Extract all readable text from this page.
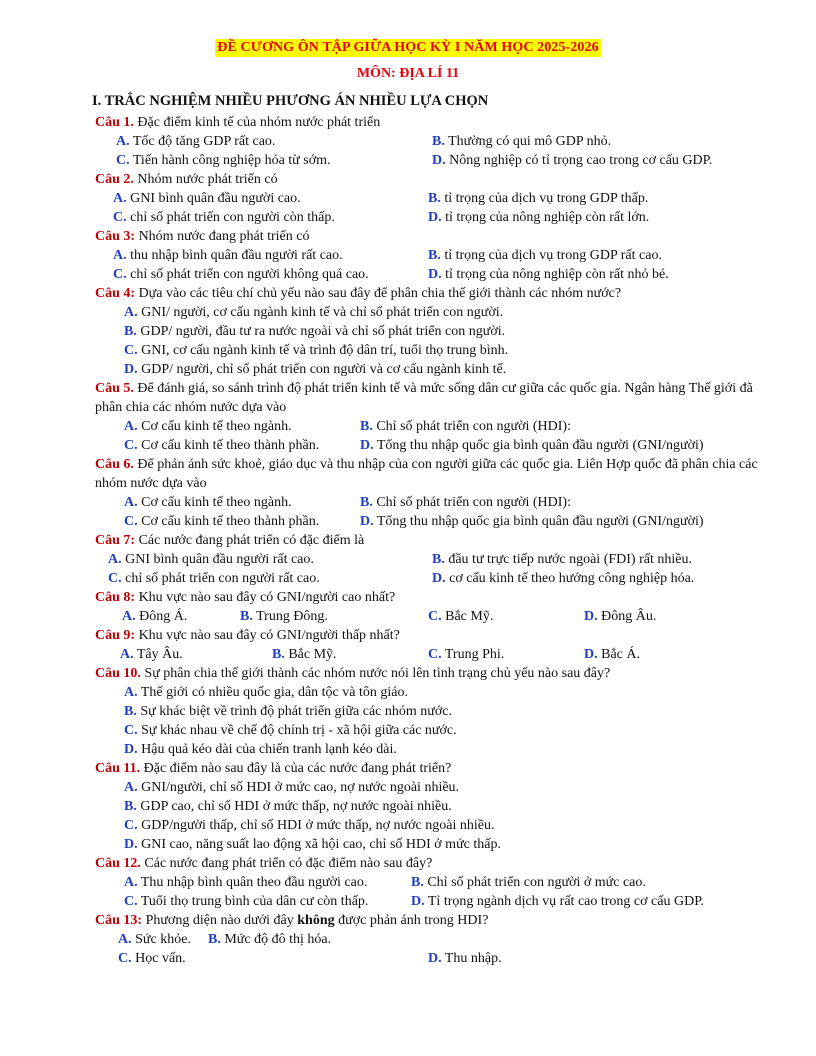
ĐỀ CƯƠNG ÔN TẬP GIỮA HỌC KỲ I NĂM HỌC 2025-2026
MÔN: ĐỊA LÍ 11
I. TRẮC NGHIỆM NHIỀU PHƯƠNG ÁN NHIỀU LỰA CHỌN
Câu 1. Đặc điểm kinh tế của nhóm nước phát triển
A. Tốc độ tăng GDP rất cao.	B. Thường có qui mô GDP nhỏ.
C. Tiến hành công nghiệp hóa từ sớm.	D. Nông nghiệp có tỉ trọng cao trong cơ cấu GDP.
Câu 2. Nhóm nước phát triển có
A. GNI bình quân đầu người cao.	B. tỉ trọng của dịch vụ trong GDP thấp.
C. chỉ số phát triển con người còn thấp.	D. tỉ trọng của nông nghiệp còn rất lớn.
Câu 3: Nhóm nước đang phát triển có
A. thu nhập bình quân đầu người rất cao.	B. tỉ trọng của dịch vụ trong GDP rất cao.
C. chỉ số phát triển con người không quá cao.	D. tỉ trọng của nông nghiệp còn rất nhỏ bé.
Câu 4: Dựa vào các tiêu chí chủ yếu nào sau đây để phân chia thế giới thành các nhóm nước?
A. GNI/ người, cơ cấu ngành kinh tế và chỉ số phát triển con người.
B. GDP/ người, đầu tư ra nước ngoài và chỉ số phát triển con người.
C. GNI, cơ cấu ngành kinh tế và trình độ dân trí, tuổi thọ trung bình.
D. GDP/ người, chỉ số phát triển con người và cơ cấu ngành kinh tế.
Câu 5. Để đánh giá, so sánh trình độ phát triển kinh tế và mức sống dân cư giữa các quốc gia. Ngân hàng Thế giới đã phân chia các nhóm nước dựa vào
A. Cơ cấu kinh tế theo ngành.	B. Chỉ số phát triển con người (HDI):
C. Cơ cấu kinh tế theo thành phần.	D. Tổng thu nhập quốc gia bình quân đầu người (GNI/người)
Câu 6. Để phản ánh sức khoẻ, giáo dục và thu nhập của con người giữa các quốc gia. Liên Hợp quốc đã phân chia các nhóm nước dựa vào
A. Cơ cấu kinh tế theo ngành.	B. Chỉ số phát triển con người (HDI):
C. Cơ cấu kinh tế theo thành phần.	D. Tổng thu nhập quốc gia bình quân đầu người (GNI/người)
Câu 7: Các nước đang phát triển có đặc điểm là
A. GNI bình quân đầu người rất cao.	B. đầu tư trực tiếp nước ngoài (FDI) rất nhiều.
C. chỉ số phát triển con người rất cao.	D. cơ cấu kinh tế theo hướng công nghiệp hóa.
Câu 8: Khu vực nào sau đây có GNI/người cao nhất?
A. Đông Á.	B. Trung Đông.	C. Bắc Mỹ.	D. Đông Âu.
Câu 9: Khu vực nào sau đây có GNI/người thấp nhất?
A. Tây Âu.	B. Bắc Mỹ.	C. Trung Phi.	D. Bắc Á.
Câu 10. Sự phân chia thế giới thành các nhóm nước nói lên tình trạng chủ yếu nào sau đây?
A. Thế giới có nhiều quốc gia, dân tộc và tôn giáo.
B. Sự khác biệt về trình độ phát triển giữa các nhóm nước.
C. Sự khác nhau về chế độ chính trị - xã hội giữa các nước.
D. Hậu quả kéo dài của chiến tranh lạnh kéo dài.
Câu 11. Đặc điểm nào sau đây là của các nước đang phát triển?
A. GNI/người, chỉ số HDI ở mức cao, nợ nước ngoài nhiều.
B. GDP cao, chỉ số HDI ở mức thấp, nợ nước ngoài nhiều.
C. GDP/người thấp, chỉ số HDI ở mức thấp, nợ nước ngoài nhiều.
D. GNI cao, năng suất lao động xã hội cao, chỉ số HDI ở mức thấp.
Câu 12. Các nước đang phát triển có đặc điểm nào sau đây?
A. Thu nhập bình quân theo đầu người cao.	B. Chỉ số phát triển con người ở mức cao.
C. Tuổi thọ trung bình của dân cư còn thấp.	D. Tỉ trọng ngành dịch vụ rất cao trong cơ cấu GDP.
Câu 13: Phương diện nào dưới đây không được phản ánh trong HDI?
A. Sức khỏe. B. Mức độ đô thị hóa.
C. Học vấn.	D. Thu nhập.
